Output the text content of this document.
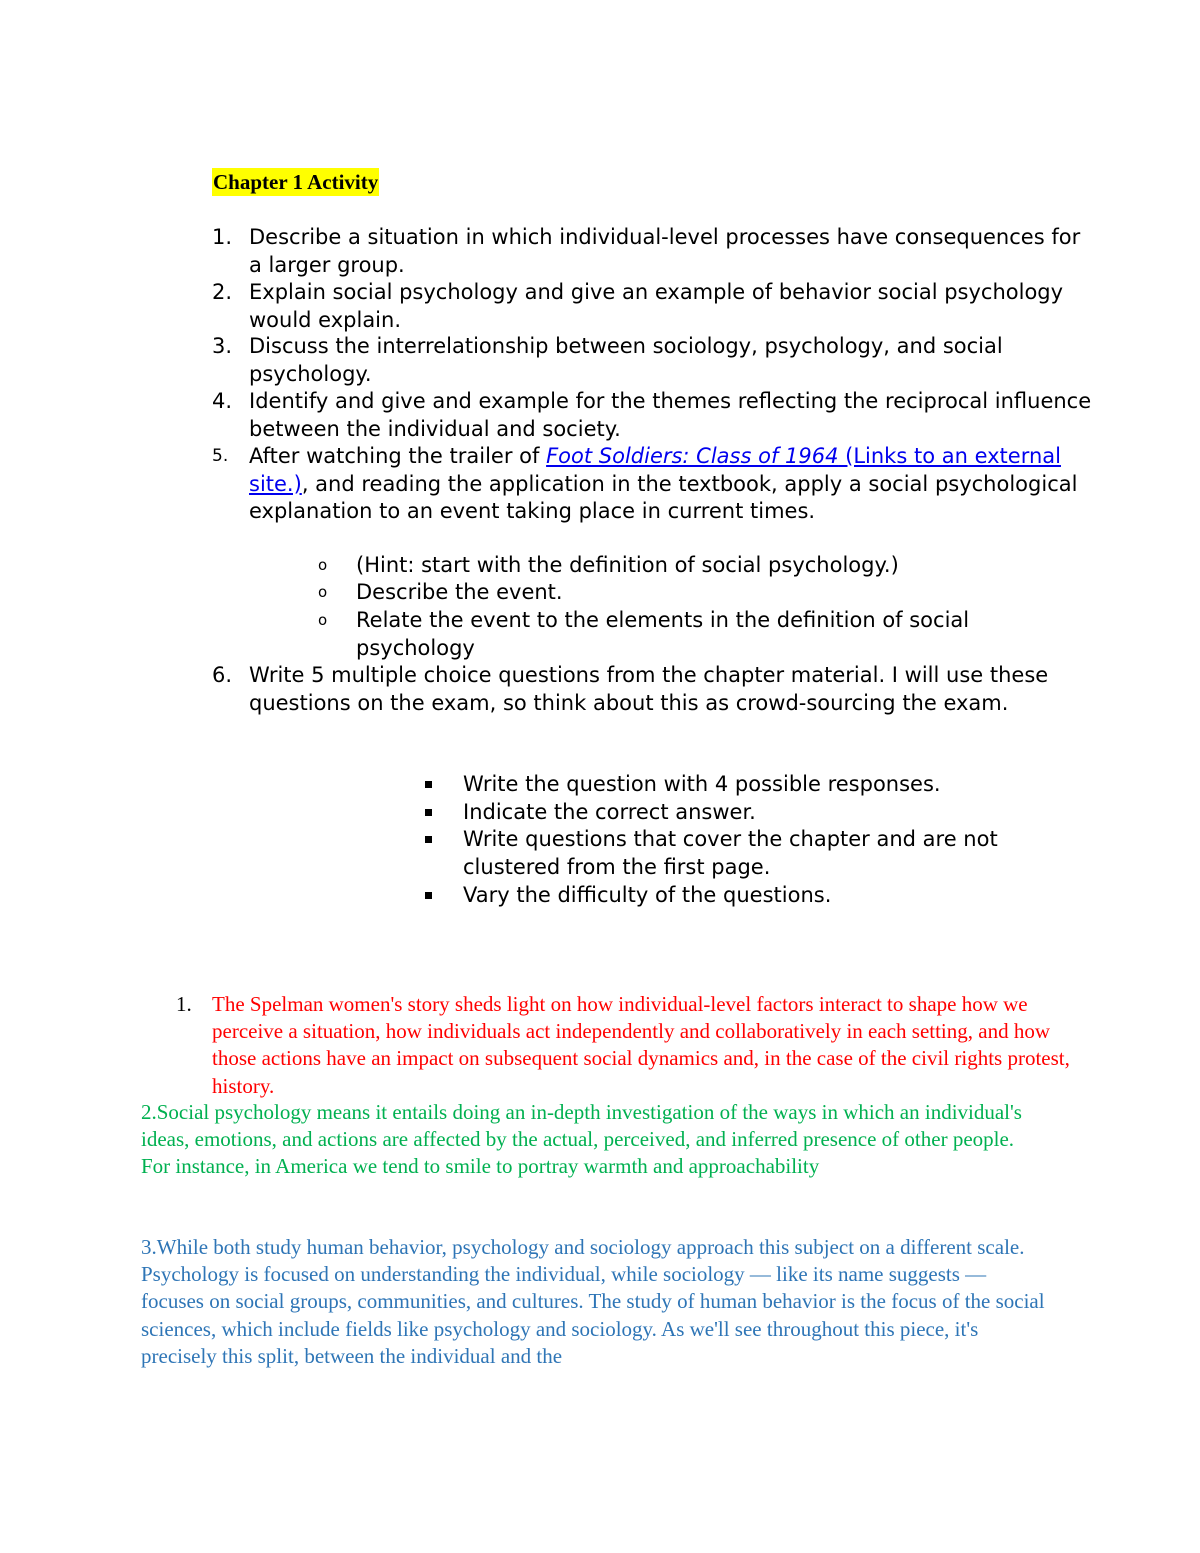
Chapter 1 Activity
1. Describe a situation in which individual-level processes have consequences for a larger group.
2. Explain social psychology and give an example of behavior social psychology would explain.
3. Discuss the interrelationship between sociology, psychology, and social psychology.
4. Identify and give and example for the themes reflecting the reciprocal influence between the individual and society.
5. After watching the trailer of Foot Soldiers: Class of 1964 (Links to an external site.), and reading the application in the textbook, apply a social psychological explanation to an event taking place in current times.
o (Hint: start with the definition of social psychology.)
o Describe the event.
o Relate the event to the elements in the definition of social psychology
6. Write 5 multiple choice questions from the chapter material. I will use these questions on the exam, so think about this as crowd-sourcing the exam.
Write the question with 4 possible responses.
Indicate the correct answer.
Write questions that cover the chapter and are not clustered from the first page.
Vary the difficulty of the questions.
1. The Spelman women's story sheds light on how individual-level factors interact to shape how we perceive a situation, how individuals act independently and collaboratively in each setting, and how those actions have an impact on subsequent social dynamics and, in the case of the civil rights protest, history.
2.Social psychology means it entails doing an in-depth investigation of the ways in which an individual's ideas, emotions, and actions are affected by the actual, perceived, and inferred presence of other people. For instance, in America we tend to smile to portray warmth and approachability
3.While both study human behavior, psychology and sociology approach this subject on a different scale. Psychology is focused on understanding the individual, while sociology — like its name suggests — focuses on social groups, communities, and cultures. The study of human behavior is the focus of the social sciences, which include fields like psychology and sociology. As we'll see throughout this piece, it's precisely this split, between the individual and the
